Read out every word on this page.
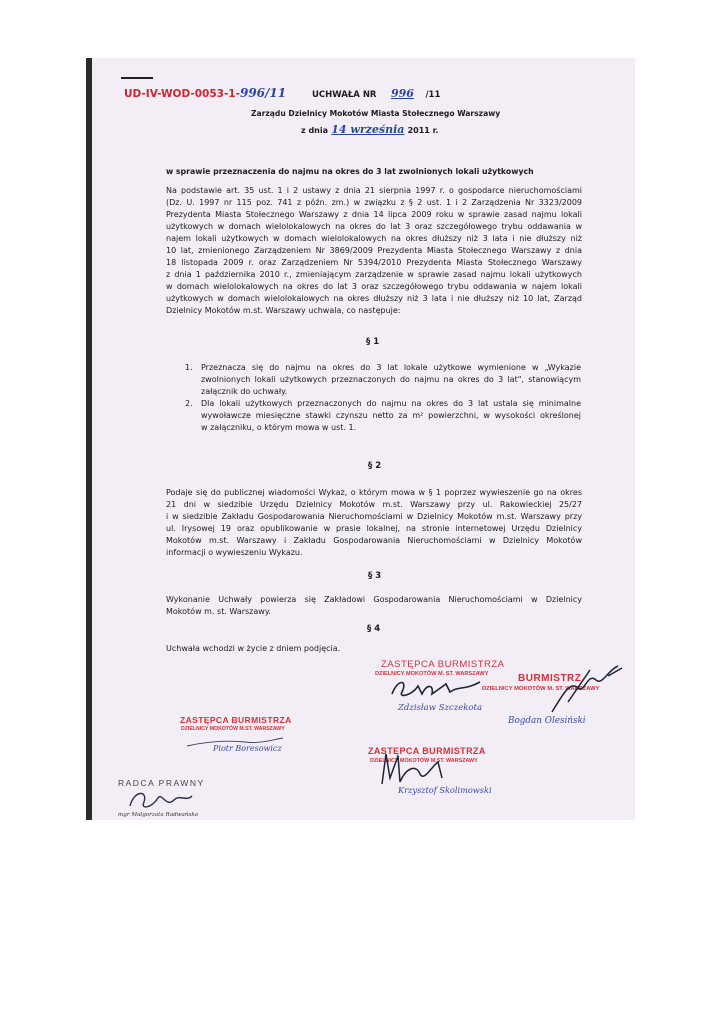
UD-IV-WOD-0053-1-996/11	UCHWAŁA NR 996 /11
Zarządu Dzielnicy Mokotów Miasta Stołecznego Warszawy
z dnia 14 września 2011 r.
w sprawie przeznaczenia do najmu na okres do 3 lat zwolnionych lokali użytkowych
Na podstawie art. 35 ust. 1 i 2 ustawy z dnia 21 sierpnia 1997 r. o gospodarce nieruchomościami
(Dz. U. 1997 nr 115 poz. 741 z późn. zm.) w związku z § 2 ust. 1 i 2 Zarządzenia Nr 3323/2009
Prezydenta Miasta Stołecznego Warszawy z dnia 14 lipca 2009 roku w sprawie zasad najmu lokali
użytkowych w domach wielolokalowych na okres do lat 3 oraz szczegółowego trybu oddawania w
najem lokali użytkowych w domach wielolokalowych na okres dłuższy niż 3 lata i nie dłuższy niż
10 lat, zmienionego Zarządzeniem Nr 3869/2009 Prezydenta Miasta Stołecznego Warszawy z dnia
18 listopada 2009 r. oraz Zarządzeniem Nr 5394/2010 Prezydenta Miasta Stołecznego Warszawy
z dnia 1 października 2010 r., zmieniającym zarządzenie w sprawie zasad najmu lokali użytkowych
w domach wielolokalowych na okres do lat 3 oraz szczegółowego trybu oddawania w najem lokali
użytkowych w domach wielolokalowych na okres dłuższy niż 3 lata i nie dłuższy niż 10 lat, Zarząd
Dzielnicy Mokotów m.st. Warszawy uchwala, co następuje:
§ 1
1. Przeznacza się do najmu na okres do 3 lat lokale użytkowe wymienione w „Wykazie
zwolnionych lokali użytkowych przeznaczonych do najmu na okres do 3 lat", stanowiącym
załącznik do uchwały.
2. Dla lokali użytkowych przeznaczonych do najmu na okres do 3 lat ustala się minimalne
wywoławcze miesięczne stawki czynszu netto za m² powierzchni, w wysokości określonej
w załączniku, o którym mowa w ust. 1.
§ 2
Podaje się do publicznej wiadomości Wykaz, o którym mowa w § 1 poprzez wywieszenie go na okres
21 dni w siedzibie Urzędu Dzielnicy Mokotów m.st. Warszawy przy ul. Rakowieckiej 25/27
i w siedzibie Zakładu Gospodarowania Nieruchomościami w Dzielnicy Mokotów m.st. Warszawy przy
ul. Irysowej 19 oraz opublikowanie w prasie lokalnej, na stronie internetowej Urzędu Dzielnicy
Mokotów m.st. Warszawy i Zakładu Gospodarowania Nieruchomościami w Dzielnicy Mokotów
informacji o wywieszeniu Wykazu.
§ 3
Wykonanie Uchwały powierza się Zakładowi Gospodarowania Nieruchomościami w Dzielnicy
Mokotów m. st. Warszawy.
§ 4
Uchwała wchodzi w życie z dniem podjęcia.
ZASTĘPCA BURMISTRZA
DZIELNICY MOKOTÓW M. ST. WARSZAWY
Zdzisław Szczekota
BURMISTRZ
DZIELNICY MOKOTÓW M. ST. WARSZAWY
Bogdan Olesiński
ZASTĘPCA BURMISTRZA
DZIELNICY MOKOTÓW M.ST. WARSZAWY
Piotr Boresowicz	ZASTĘPCA BURMISTRZA
DZIELNICY MOKOTÓW M.ST. WARSZAWY
Krzysztof Skolimowski
RADCA PRAWNY
mgr Małgorzata Radwańska
